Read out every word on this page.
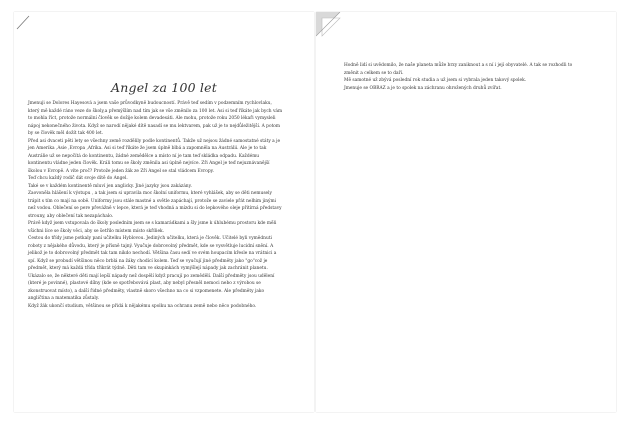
Angel za 100 let

Jmenuji se Dolores Hayesová a jsem vaše průvodkyně budoucností. Právě teď sedím v podzemním rychlovlaku, který mě každé ráno veze do školy,a přemýšlím nad tím jak se vše změnilo za 100 let. Asi si teď říkáte jak bych vám to mohla říct, protože normální člověk se dožije kolem devadesáti. Ale mohu, protože roku 2050 lékaři vymysleli nápoj nekonečného života. Když se narodí nějaké dítě nasadí se mu lektvarem, pak už je to nejdůležitější. A potom by se člověk měl dožít tak 400 let.

Před asi dvaceti pěti lety se všechny země rozdělily podle kontinentů. Takže už nejsou žádné samostatné státy a je jen Amerika ,Asie ,Evropa ,Afrika. Asi si teď říkáte že jsem úplně blbá a zapomněla na Austrálii. Ale je to tak Austrálie už se nepočítá do kontinentu, žádné zemědělce a místo ní je tam teď skládka odpadu. Každému kontinentu vládne jeden člověk. Králi tomu se školy změnila asi úplně nejvíce. Zři Angel je teď nejuznávanější školou v Evropě. A víte proč? Protože jeden žák ze Zři Angel se stal vládcem Evropy.

Teď chcu každý rodič dát svoje dítě do Angel.

Také se v každém kontinentě mluví jen anglicky. Jiné jazyky jsou zakázány.

Zaovoněla hlášení k výstupu , a tak jsem si upravila moc školní uniformu, které vyhlášek, aby se děti nemusely trápit s tím co mají na sobě. Uniformy jsou stále mastné a světle zapáchají, protože se zaviele přát nelhim jinými než vodou. Oblečení se pere převážně v lepce, která je teď vhodná a mízdu si do lepkového oleje přitírná představy strouny, aby oblečení tak nezapáchalo.

Právě když jsem vstupovala do školy posledním jsem se s kamarádkami a šly jsme k úhlubému prostoru kde měli všichni líce se školy věci, aby se šetřilo místem místo skříňek.

Cestou do třídy jsme potkaly paní učitelku Hyblovou. Jediných učitelku, která je člověk. Učitelé byli vymědnuti roboty z nějakého důvodu, který je přísně tajný. Vyučuje dobrovolný předmět, kde se vysvětluje lucidní snění. A jelikož je to dobrovolný předmět tak tam nikdo nechodí. Většina času sedí ve svém houpacím křesle na vrátnici a spí. Když se probudí většinou něco brblá na žáky chodící kolem. Teď se vyučují jiné předměty jako "go"což je předmět, který má každá třída třikrát týdně. Děti tam ve skupinkách vymýšlejí nápady jak zachránit planetu. Ukázalo se, že některé děti mají lepší nápady než dospělí když pracují po zemědělí. Další předměty jsou udělení (které je povinné), plastové dílny (kde se spotřebovává plast, aby nebyl přesněl nemoci nebo z výrobou se zkonstruovat místo), a další řidné předměty, vlastně skoro všechno na co si vzpomenete. Ale předměty jako angličtina a matematika zůstaly.

Když žák ukončí studium, většinou se přidá k nějakému spolku na ochranu země nebo něco podobného.

Hodně lidí si uvědomilo, že naše planeta může brzy zaniknout a s ní i její obyvatelé. A tak se rozhodli to změnit a celkem se to daří.

Mě samotné už zbývá poslední rok studia a už jsem si vybrala jeden takový spolek.

Jmenuje se OBRAZ a je to spolek na záchranu ohrožených druhů zvířat.
